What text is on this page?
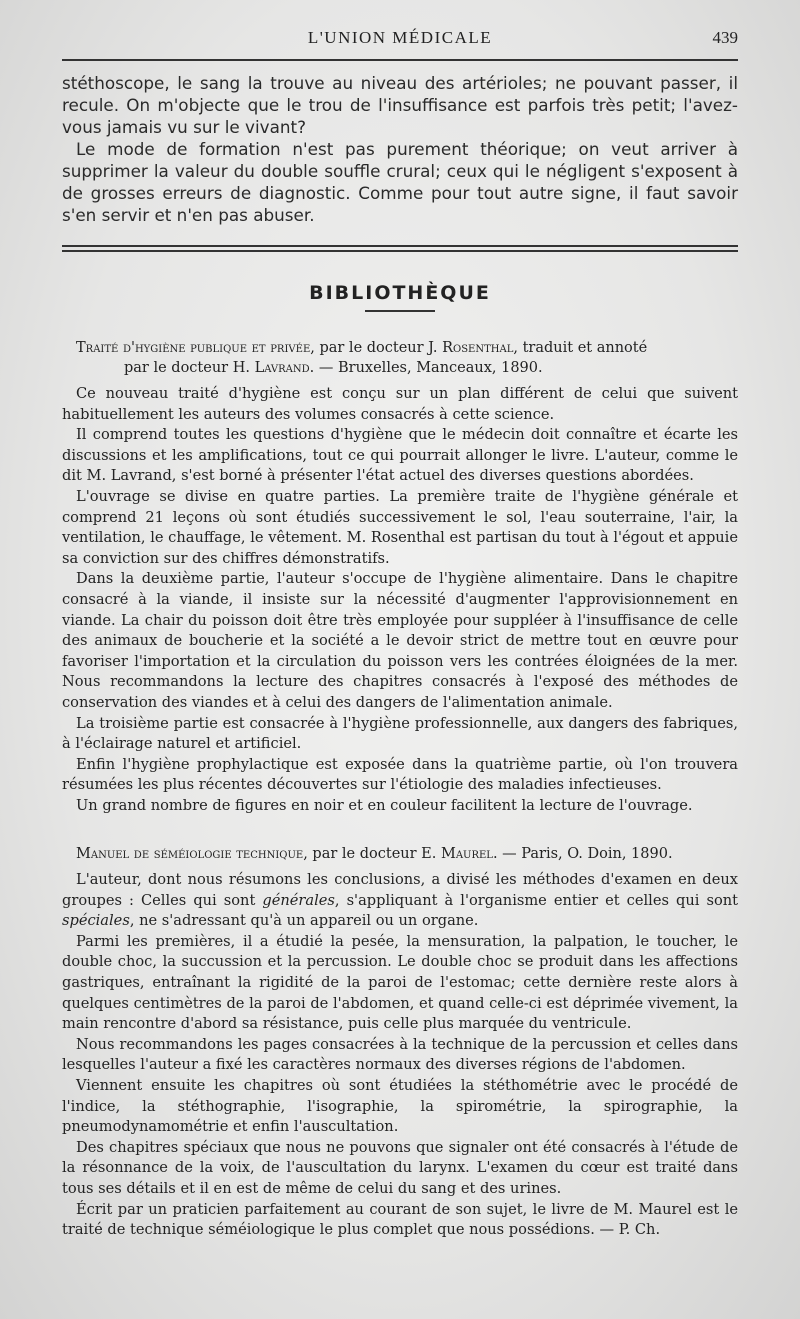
L'UNION MÉDICALE	439

stéthoscope, le sang la trouve au niveau des artérioles; ne pouvant passer, il recule. On m'objecte que le trou de l'insuffisance est parfois très petit; l'avez-vous jamais vu sur le vivant?

Le mode de formation n'est pas purement théorique; on veut arriver à supprimer la valeur du double souffle crural; ceux qui le négligent s'exposent à de grosses erreurs de diagnostic. Comme pour tout autre signe, il faut savoir s'en servir et n'en pas abuser.

BIBLIOTHÈQUE
Traité d'hygiène publique et privée, par le docteur J. Rosenthal, traduit et annoté
par le docteur H. Lavrand. — Bruxelles, Manceaux, 1890.

Ce nouveau traité d'hygiène est conçu sur un plan différent de celui que suivent habituellement les auteurs des volumes consacrés à cette science.

Il comprend toutes les questions d'hygiène que le médecin doit connaître et écarte les discussions et les amplifications, tout ce qui pourrait allonger le livre. L'auteur, comme le dit M. Lavrand, s'est borné à présenter l'état actuel des diverses questions abordées.

L'ouvrage se divise en quatre parties. La première traite de l'hygiène générale et comprend 21 leçons où sont étudiés successivement le sol, l'eau souterraine, l'air, la ventilation, le chauffage, le vêtement. M. Rosenthal est partisan du tout à l'égout et appuie sa conviction sur des chiffres démonstratifs.

Dans la deuxième partie, l'auteur s'occupe de l'hygiène alimentaire. Dans le chapitre consacré à la viande, il insiste sur la nécessité d'augmenter l'approvisionnement en viande. La chair du poisson doit être très employée pour suppléer à l'insuffisance de celle des animaux de boucherie et la société a le devoir strict de mettre tout en œuvre pour favoriser l'importation et la circulation du poisson vers les contrées éloignées de la mer. Nous recommandons la lecture des chapitres consacrés à l'exposé des méthodes de conservation des viandes et à celui des dangers de l'alimentation animale.

La troisième partie est consacrée à l'hygiène professionnelle, aux dangers des fabriques, à l'éclairage naturel et artificiel.

Enfin l'hygiène prophylactique est exposée dans la quatrième partie, où l'on trouvera résumées les plus récentes découvertes sur l'étiologie des maladies infectieuses.

Un grand nombre de figures en noir et en couleur facilitent la lecture de l'ouvrage.

Manuel de séméiologie technique, par le docteur E. Maurel. — Paris, O. Doin, 1890.

L'auteur, dont nous résumons les conclusions, a divisé les méthodes d'examen en deux groupes : Celles qui sont générales, s'appliquant à l'organisme entier et celles qui sont spéciales, ne s'adressant qu'à un appareil ou un organe.

Parmi les premières, il a étudié la pesée, la mensuration, la palpation, le toucher, le double choc, la succussion et la percussion. Le double choc se produit dans les affections gastriques, entraînant la rigidité de la paroi de l'estomac; cette dernière reste alors à quelques centimètres de la paroi de l'abdomen, et quand celle-ci est déprimée vivement, la main rencontre d'abord sa résistance, puis celle plus marquée du ventricule.

Nous recommandons les pages consacrées à la technique de la percussion et celles dans lesquelles l'auteur a fixé les caractères normaux des diverses régions de l'abdomen.

Viennent ensuite les chapitres où sont étudiées la stéthométrie avec le procédé de l'indice, la stéthographie, l'isographie, la spirométrie, la spirographie, la pneumodynamométrie et enfin l'auscultation.

Des chapitres spéciaux que nous ne pouvons que signaler ont été consacrés à l'étude de la résonnance de la voix, de l'auscultation du larynx. L'examen du cœur est traité dans tous ses détails et il en est de même de celui du sang et des urines.

Écrit par un praticien parfaitement au courant de son sujet, le livre de M. Maurel est le traité de technique séméiologique le plus complet que nous possédions. — P. Ch.
